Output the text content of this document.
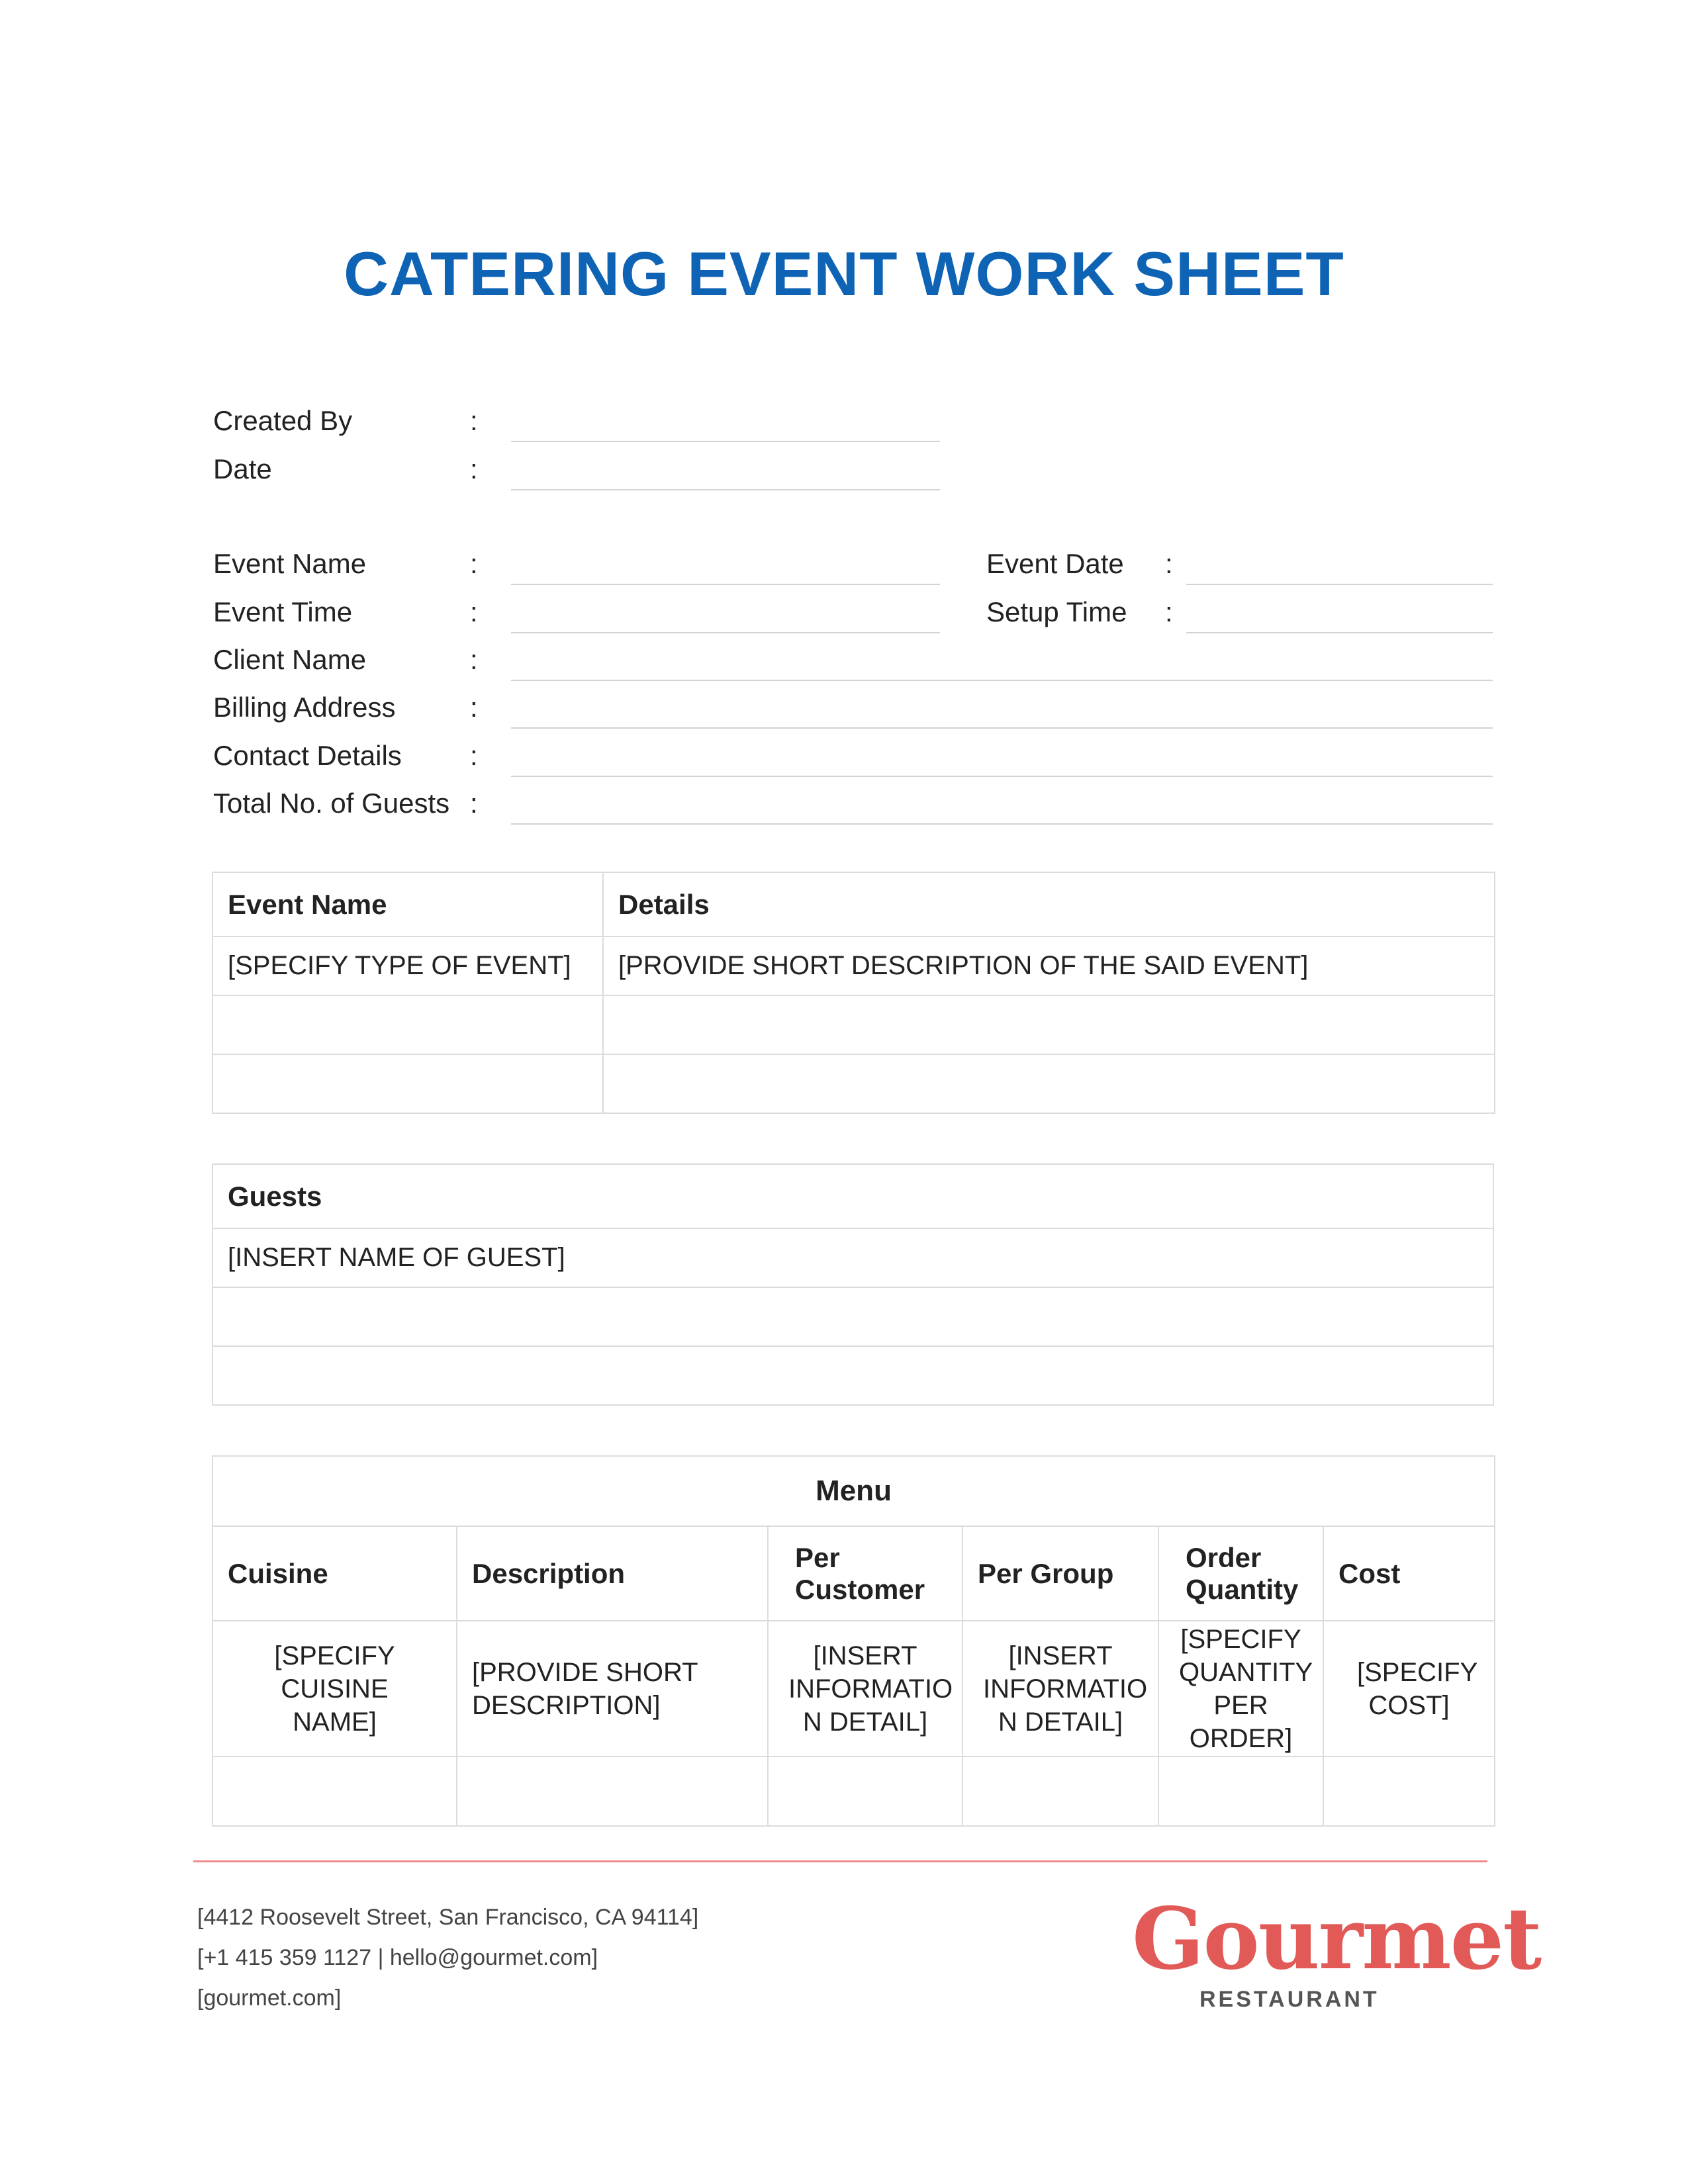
CATERING EVENT WORK SHEET
Created By	:
Date	:
Event Name	:	Event Date :
Event Time	:	Setup Time :
Client Name	:
Billing Address	:
Contact Details :
Total No. of Guests :
Event Name	Details
[SPECIFY TYPE OF EVENT]	[PROVIDE SHORT DESCRIPTION OF THE SAID EVENT]

Guests
[INSERT NAME OF GUEST]

Menu					
Cuisine	Description	Per Customer	Per Group	Order Quantity	Cost
[SPECIFY CUISINE NAME]	[PROVIDE SHORT DESCRIPTION]	[INSERT INFORMATIO N DETAIL]	[INSERT INFORMATIO N DETAIL]	[SPECIFY QUANTITY PER ORDER]	[SPECIFY COST]

[4412 Roosevelt Street, San Francisco, CA 94114]
[+1 415 359 1127 | hello@gourmet.com]
[gourmet.com]
Gourmet
RESTAURANT
